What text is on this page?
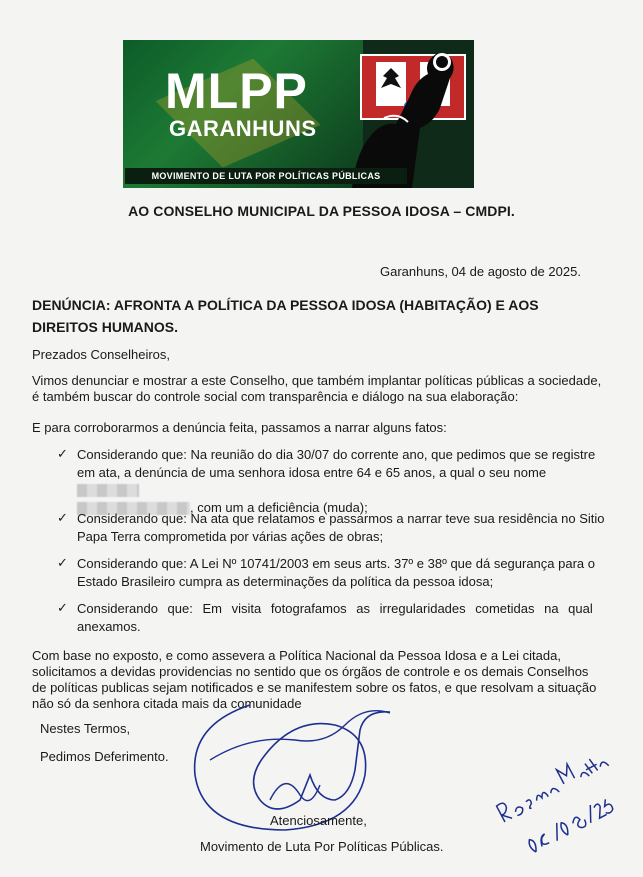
MLPP
GARANHUNS
MOVIMENTO DE LUTA POR POLÍTICAS PÚBLICAS
AO CONSELHO MUNICIPAL DA PESSOA IDOSA – CMDPI.
Garanhuns, 04 de agosto de 2025.
DENÚNCIA: AFRONTA A POLÍTICA DA PESSOA IDOSA (HABITAÇÃO) E AOS
DIREITOS HUMANOS.
Prezados Conselheiros,
Vimos denunciar e mostrar a este Conselho, que também implantar políticas públicas a sociedade,
é também buscar do controle social com transparência e diálogo na sua elaboração:
E para corroborarmos a denúncia feita, passamos a narrar alguns fatos:
✓ Considerando que: Na reunião do dia 30/07 do corrente ano, que pedimos que se registre
em ata, a denúncia de uma senhora idosa entre 64 e 65 anos, a qual o seu nome
, com um a deficiência (muda);
✓ Considerando que: Na ata que relatamos e passarmos a narrar teve sua residência no Sitio
Papa Terra comprometida por várias ações de obras;
✓ Considerando que: A Lei Nº 10741/2003 em seus arts. 37º e 38º que dá segurança para o
Estado Brasileiro cumpra as determinações da política da pessoa idosa;
✓ Considerando que: Em visita fotografamos as irregularidades cometidas na qual
anexamos.
Com base no exposto, e como assevera a Política Nacional da Pessoa Idosa e a Lei citada,
solicitamos a devidas providencias no sentido que os órgãos de controle e os demais Conselhos
de políticas publicas sejam notificados e se manifestem sobre os fatos, e que resolvam a situação
não só da senhora citada mais da comunidade
Nestes Termos,
Pedimos Deferimento.
Atenciosamente,
Movimento de Luta Por Políticas Públicas.
